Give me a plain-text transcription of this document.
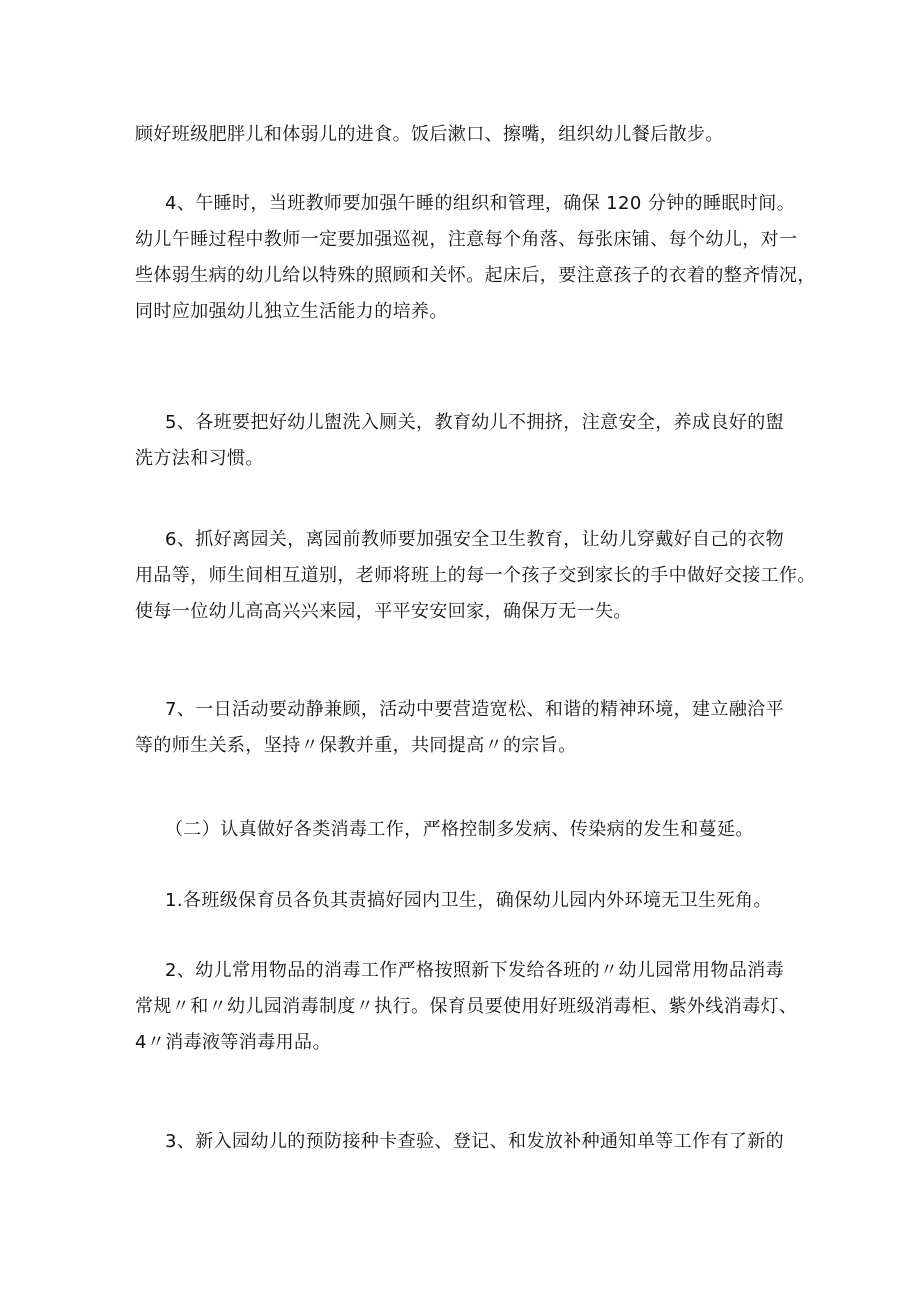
顾好班级肥胖儿和体弱儿的进食。饭后漱口、擦嘴，组织幼儿餐后散步。

4、午睡时，当班教师要加强午睡的组织和管理，确保 120 分钟的睡眠时间。
幼儿午睡过程中教师一定要加强巡视，注意每个角落、每张床铺、每个幼儿，对一
些体弱生病的幼儿给以特殊的照顾和关怀。起床后，要注意孩子的衣着的整齐情况，
同时应加强幼儿独立生活能力的培养。

5、各班要把好幼儿盥洗入厕关，教育幼儿不拥挤，注意安全，养成良好的盥
洗方法和习惯。

6、抓好离园关，离园前教师要加强安全卫生教育，让幼儿穿戴好自己的衣物
用品等，师生间相互道别，老师将班上的每一个孩子交到家长的手中做好交接工作。
使每一位幼儿高高兴兴来园，平平安安回家，确保万无一失。

7、一日活动要动静兼顾，活动中要营造宽松、和谐的精神环境，建立融洽平
等的师生关系，坚持〃保教并重，共同提高〃的宗旨。

（二）认真做好各类消毒工作，严格控制多发病、传染病的发生和蔓延。

1.各班级保育员各负其责搞好园内卫生，确保幼儿园内外环境无卫生死角。

2、幼儿常用物品的消毒工作严格按照新下发给各班的〃幼儿园常用物品消毒
常规〃和〃幼儿园消毒制度〃执行。保育员要使用好班级消毒柜、紫外线消毒灯、
4〃消毒液等消毒用品。

3、新入园幼儿的预防接种卡查验、登记、和发放补种通知单等工作有了新的
